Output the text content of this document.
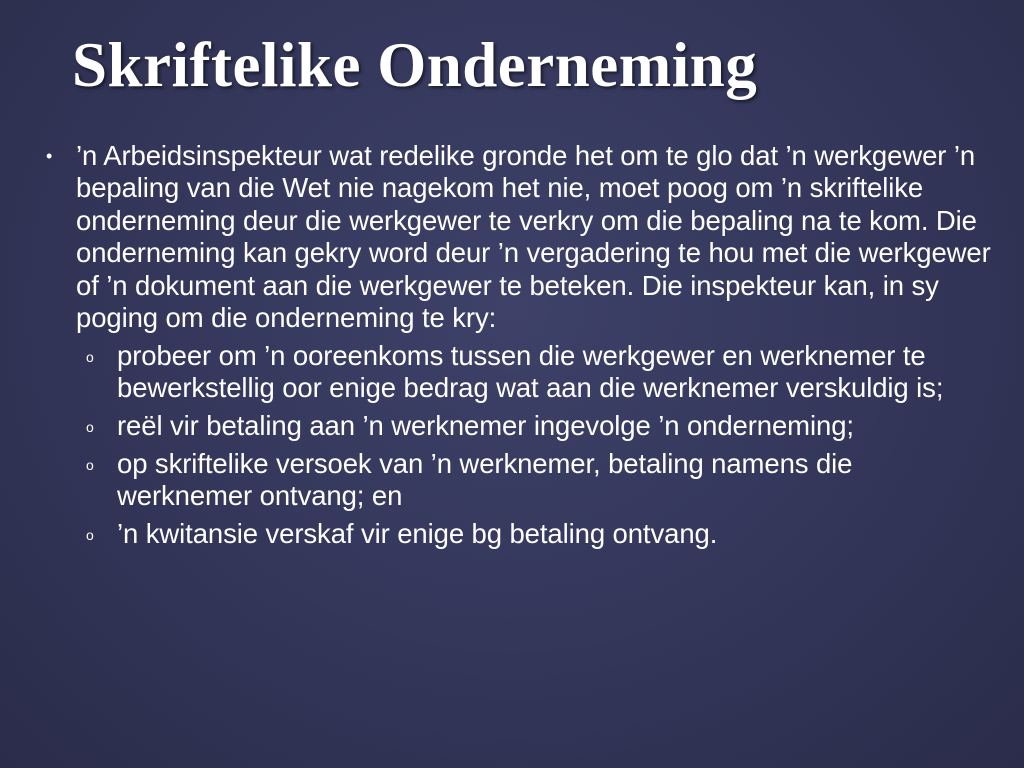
Skriftelike Onderneming
• ’n Arbeidsinspekteur wat redelike gronde het om te glo dat ’n werkgewer ’n bepaling van die Wet nie nagekom het nie, moet poog om ’n skriftelike onderneming deur die werkgewer te verkry om die bepaling na te kom. Die onderneming kan gekry word deur ’n vergadering te hou met die werkgewer of ’n dokument aan die werkgewer te beteken. Die inspekteur kan, in sy poging om die onderneming te kry:
o probeer om ’n ooreenkoms tussen die werkgewer en werknemer te bewerkstellig oor enige bedrag wat aan die werknemer verskuldig is;
o reël vir betaling aan ’n werknemer ingevolge ’n onderneming;
o op skriftelike versoek van ’n werknemer, betaling namens die werknemer ontvang; en
o ’n kwitansie verskaf vir enige bg betaling ontvang.
